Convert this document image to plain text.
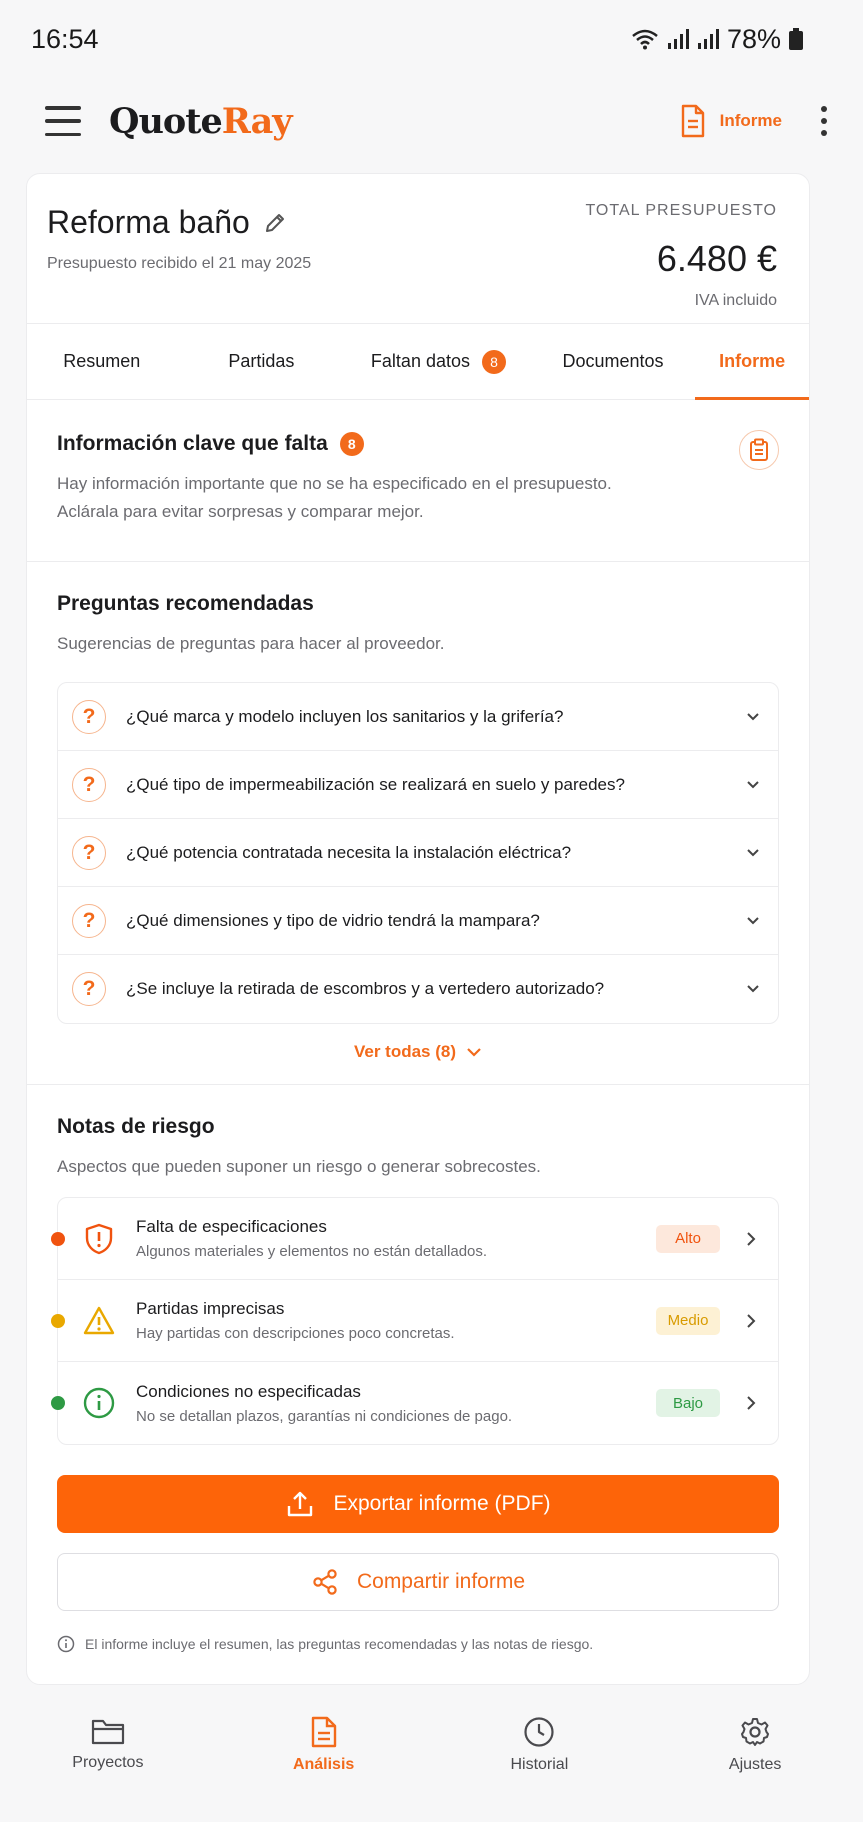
16:54	78%
QuoteRay	Informe
Reforma baño
Presupuesto recibido el 21 may 2025
TOTAL PRESUPUESTO
6.480 €
IVA incluido
Resumen	Partidas	Faltan datos	8	Documentos	Informe
Información clave que falta	8
Hay información importante que no se ha especificado en el presupuesto.
Aclárala para evitar sorpresas y comparar mejor.
Preguntas recomendadas
Sugerencias de preguntas para hacer al proveedor.
?	¿Qué marca y modelo incluyen los sanitarios y la grifería?
?	¿Qué tipo de impermeabilización se realizará en suelo y paredes?
?	¿Qué potencia contratada necesita la instalación eléctrica?
?	¿Qué dimensiones y tipo de vidrio tendrá la mampara?
?	¿Se incluye la retirada de escombros y a vertedero autorizado?
Ver todas (8)
Notas de riesgo
Aspectos que pueden suponer un riesgo o generar sobrecostes.
Falta de especificaciones
Algunos materiales y elementos no están detallados.
Alto
Partidas imprecisas
Hay partidas con descripciones poco concretas.
Medio
Condiciones no especificadas
No se detallan plazos, garantías ni condiciones de pago.
Bajo
Exportar informe (PDF)
Compartir informe
El informe incluye el resumen, las preguntas recomendadas y las notas de riesgo.
Proyectos	Análisis	Historial	Ajustes
